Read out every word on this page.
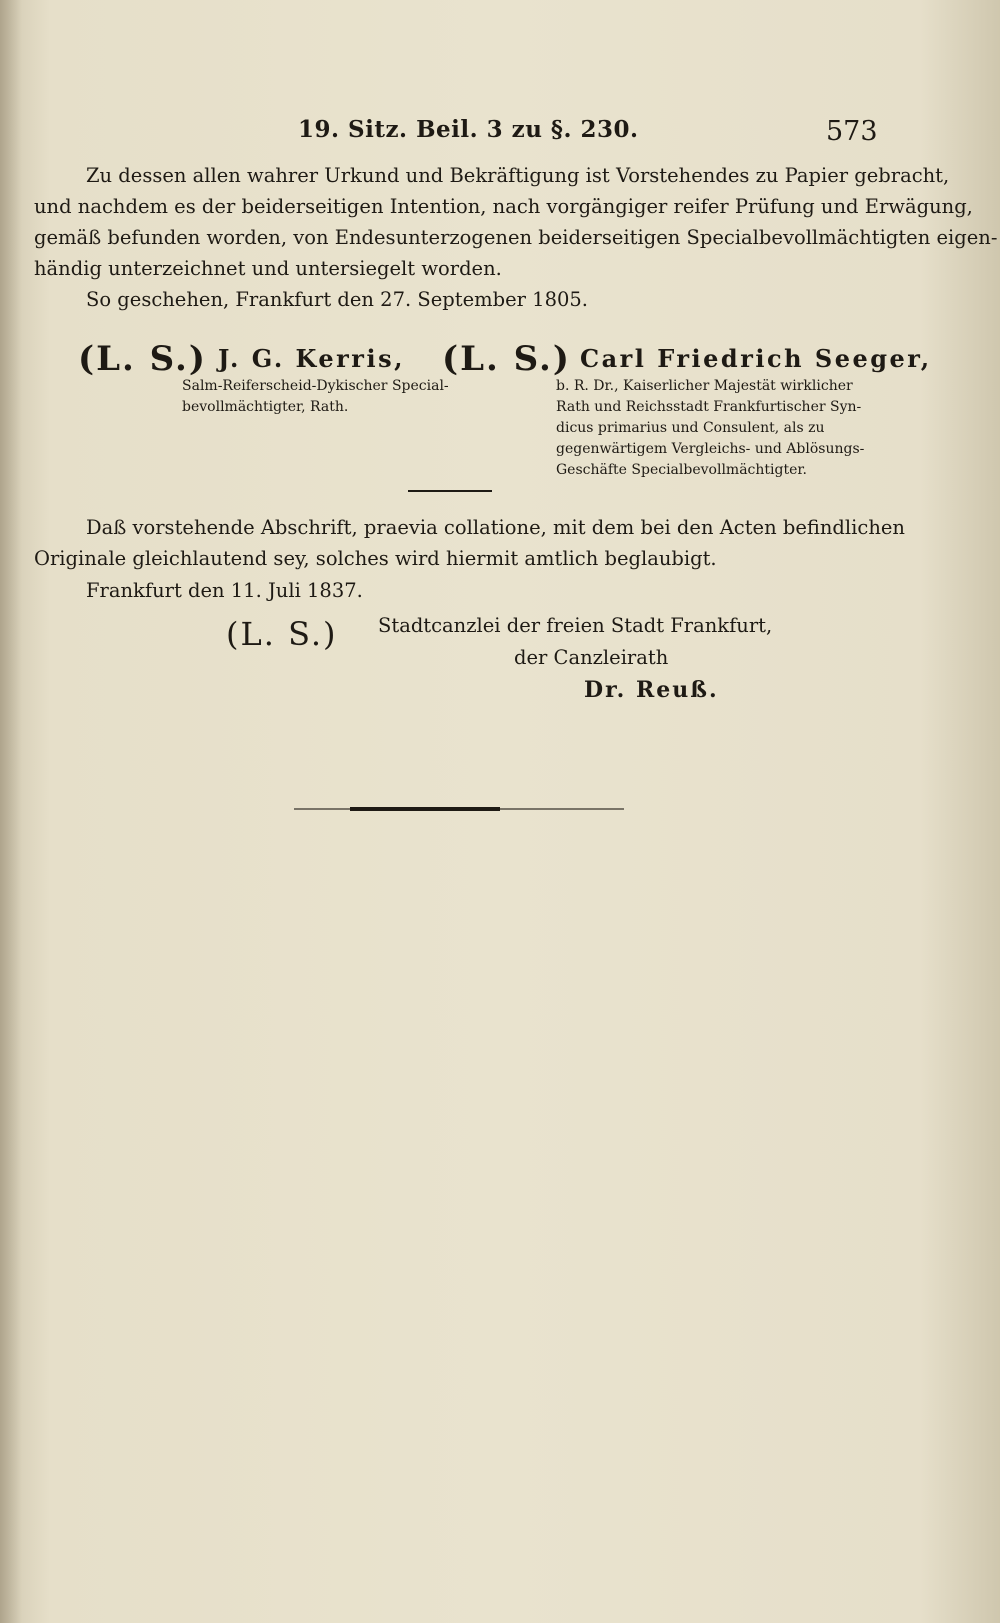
19. Sitz. Beil. 3 zu §. 230.	573

Zu dessen allen wahrer Urkund und Bekräftigung ist Vorstehendes zu Papier gebracht,
und nachdem es der beiderseitigen Intention, nach vorgängiger reifer Prüfung und Erwägung,
gemäß befunden worden, von Endesunterzogenen beiderseitigen Specialbevollmächtigten eigen-
händig unterzeichnet und untersiegelt worden.

So geschehen, Frankfurt den 27. September 1805.

(L. S.) J. G. Kerris,

Salm-Reiferscheid-Dykischer Special-
bevollmächtigter, Rath.

(L. S.) Carl Friedrich Seeger,

b. R. Dr., Kaiserlicher Majestät wirklicher
Rath und Reichsstadt Frankfurtischer Syn-
dicus primarius und Consulent, als zu
gegenwärtigem Vergleichs- und Ablösungs-
Geschäfte Specialbevollmächtigter.

Daß vorstehende Abschrift, praevia collatione, mit dem bei den Acten befindlichen
Originale gleichlautend sey, solches wird hiermit amtlich beglaubigt.

Frankfurt den 11. Juli 1837.

(L. S.) Stadtcanzlei der freien Stadt Frankfurt,
der Canzleirath
Dr. Reuß.
